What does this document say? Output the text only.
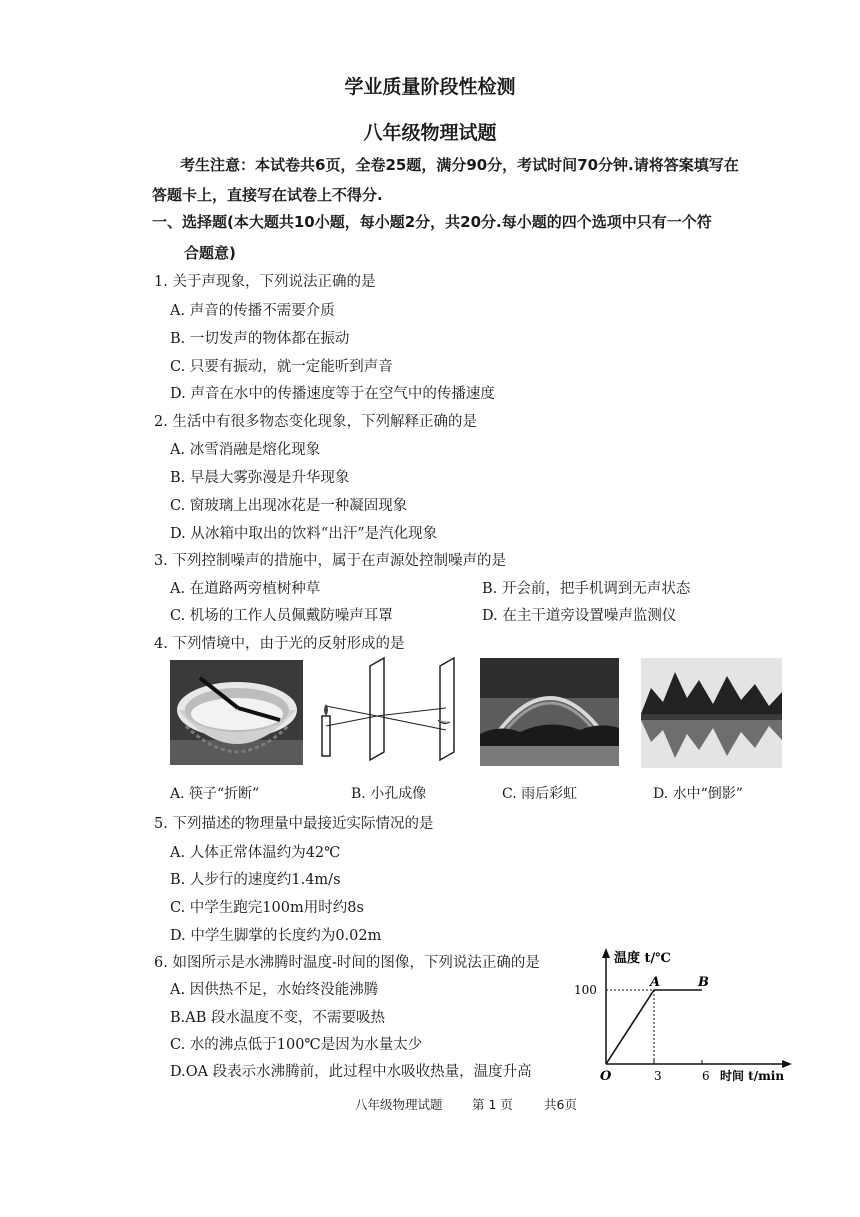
学业质量阶段性检测
八年级物理试题
考生注意：本试卷共6页，全卷25题，满分90分，考试时间70分钟.请将答案填写在
答题卡上，直接写在试卷上不得分.
一、选择题(本大题共10小题，每小题2分，共20分.每小题的四个选项中只有一个符
合题意)
1. 关于声现象，下列说法正确的是
A. 声音的传播不需要介质
B. 一切发声的物体都在振动
C. 只要有振动，就一定能听到声音
D. 声音在水中的传播速度等于在空气中的传播速度
2. 生活中有很多物态变化现象，下列解释正确的是
A. 冰雪消融是熔化现象
B. 早晨大雾弥漫是升华现象
C. 窗玻璃上出现冰花是一种凝固现象
D. 从冰箱中取出的饮料“出汗”是汽化现象
3. 下列控制噪声的措施中，属于在声源处控制噪声的是
A. 在道路两旁植树种草	B. 开会前，把手机调到无声状态
C. 机场的工作人员佩戴防噪声耳罩	D. 在主干道旁设置噪声监测仪
4. 下列情境中，由于光的反射形成的是
A. 筷子“折断”	B. 小孔成像	C. 雨后彩虹	D. 水中“倒影”
5. 下列描述的物理量中最接近实际情况的是
A. 人体正常体温约为42℃
B. 人步行的速度约1.4m/s
C. 中学生跑完100m用时约8s
D. 中学生脚掌的长度约为0.02m
6. 如图所示是水沸腾时温度-时间的图像，下列说法正确的是
A. 因供热不足，水始终没能沸腾
B.AB 段水温度不变，不需要吸热
C. 水的沸点低于100℃是因为水量太少
D.OA 段表示水沸腾前，此过程中水吸收热量，温度升高
温度 t/℃
100
3	6
O
A	B
时间 t/min
八年级物理试题 第 1 页 共6页
